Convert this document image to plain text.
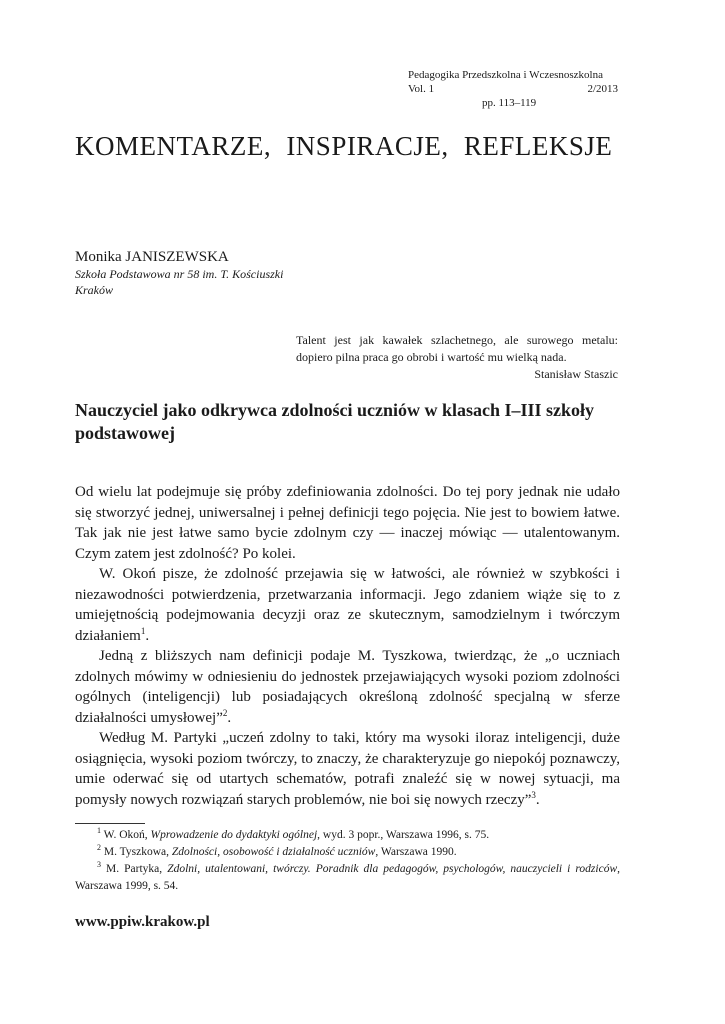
Pedagogika Przedszkolna i Wczesnoszkolna
Vol. 1	2/2013
pp. 113–119
KOMENTARZE, INSPIRACJE, REFLEKSJE
Monika JANISZEWSKA
Szkoła Podstawowa nr 58 im. T. Kościuszki
Kraków
Talent jest jak kawałek szlachetnego, ale surowego metalu:
dopiero pilna praca go obrobi i wartość mu wielką nada.
Stanisław Staszic
Nauczyciel jako odkrywca zdolności uczniów w klasach I–III szkoły podstawowej

Od wielu lat podejmuje się próby zdefiniowania zdolności. Do tej pory jednak nie udało się stworzyć jednej, uniwersalnej i pełnej definicji tego pojęcia. Nie jest to bowiem łatwe. Tak jak nie jest łatwe samo bycie zdolnym czy — inaczej mówiąc — utalentowanym. Czym zatem jest zdolność? Po kolei.

W. Okoń pisze, że zdolność przejawia się w łatwości, ale również w szybkości i niezawodności potwierdzenia, przetwarzania informacji. Jego zdaniem wiąże się to z umiejętnością podejmowania decyzji oraz ze skutecznym, samodzielnym i twórczym działaniem$^1$.

Jedną z bliższych nam definicji podaje M. Tyszkowa, twierdząc, że „o uczniach zdolnych mówimy w odniesieniu do jednostek przejawiających wysoki poziom zdolności ogólnych (inteligencji) lub posiadających określoną zdolność specjalną w sferze działalności umysłowej”$^2$.

Według M. Partyki „uczeń zdolny to taki, który ma wysoki iloraz inteligencji, duże osiągnięcia, wysoki poziom twórczy, to znaczy, że charakteryzuje go niepokój poznawczy, umie oderwać się od utartych schematów, potrafi znaleźć się w nowej sytuacji, ma pomysły nowych rozwiązań starych problemów, nie boi się nowych rzeczy”$^3$.

$^1$ W. Okoń, Wprowadzenie do dydaktyki ogólnej, wyd. 3 popr., Warszawa 1996, s. 75.

$^2$ M. Tyszkowa, Zdolności, osobowość i działalność uczniów, Warszawa 1990.

$^3$ M. Partyka, Zdolni, utalentowani, twórczy. Poradnik dla pedagogów, psychologów, nauczycieli i rodziców, Warszawa 1999, s. 54.

www.ppiw.krakow.pl
